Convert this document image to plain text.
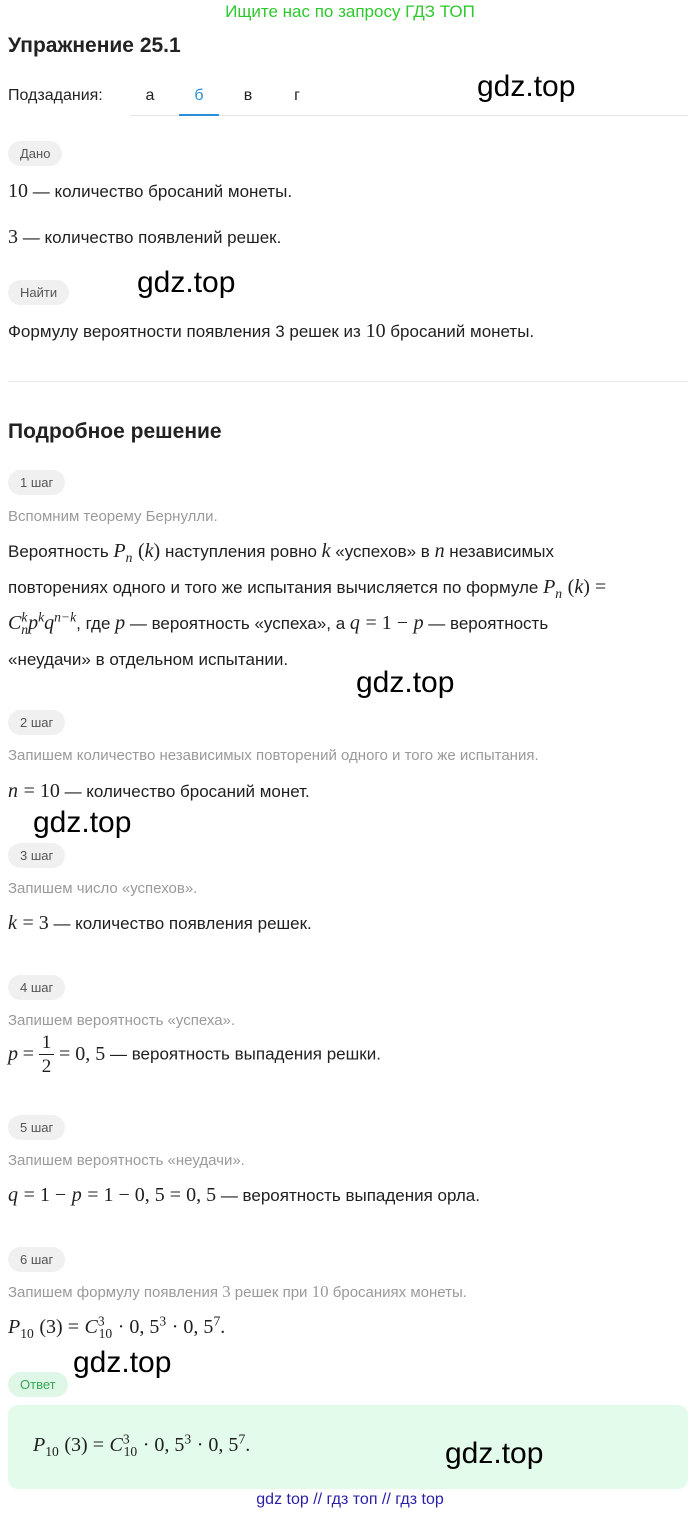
Ищите нас по запросу ГДЗ ТОП
Упражнение 25.1
Подзадания:	а	б	в	г	gdz.top
Дано
10 — количество бросаний монеты.
3 — количество появлений решек.
Найти	gdz.top
Формулу вероятности появления 3 решек из 10 бросаний монеты.
Подробное решение
1 шаг
Вспомним теорему Бернулли.
Вероятность $P_n$ (k) наступления ровно k «успехов» в n независимых
повторениях одного и того же испытания вычисляется по формуле $P_n$ (k) =
$C^k_np^kq^{n-k}$, где p — вероятность «успеха», а q = 1 − p — вероятность
«неудачи» в отдельном испытании.
gdz.top
2 шаг
Запишем количество независимых повторений одного и того же испытания.
n = 10 — количество бросаний монет.
gdz.top
3 шаг
Запишем число «успехов».
k = 3 — количество появления решек.
4 шаг
Запишем вероятность «успеха».
$p = \frac{1}{2} = 0$, 5 — вероятность выпадения решки.
5 шаг
Запишем вероятность «неудачи».
q = 1 − p = 1 − 0, 5 = 0, 5 — вероятность выпадения орла.
6 шаг
Запишем формулу появления 3 решек при 10 бросаниях монеты.
$P_{10}$ $(3) = C^3_{10} \cdot 0$, $5^3 \cdot 0$, $5^7$.
gdz.top
Ответ
$P_{10}$ $(3) = C^3_{10} \cdot 0$, $5^3 \cdot 0$, $5^7$.	gdz.top
gdz top // гдз топ // гдз top
